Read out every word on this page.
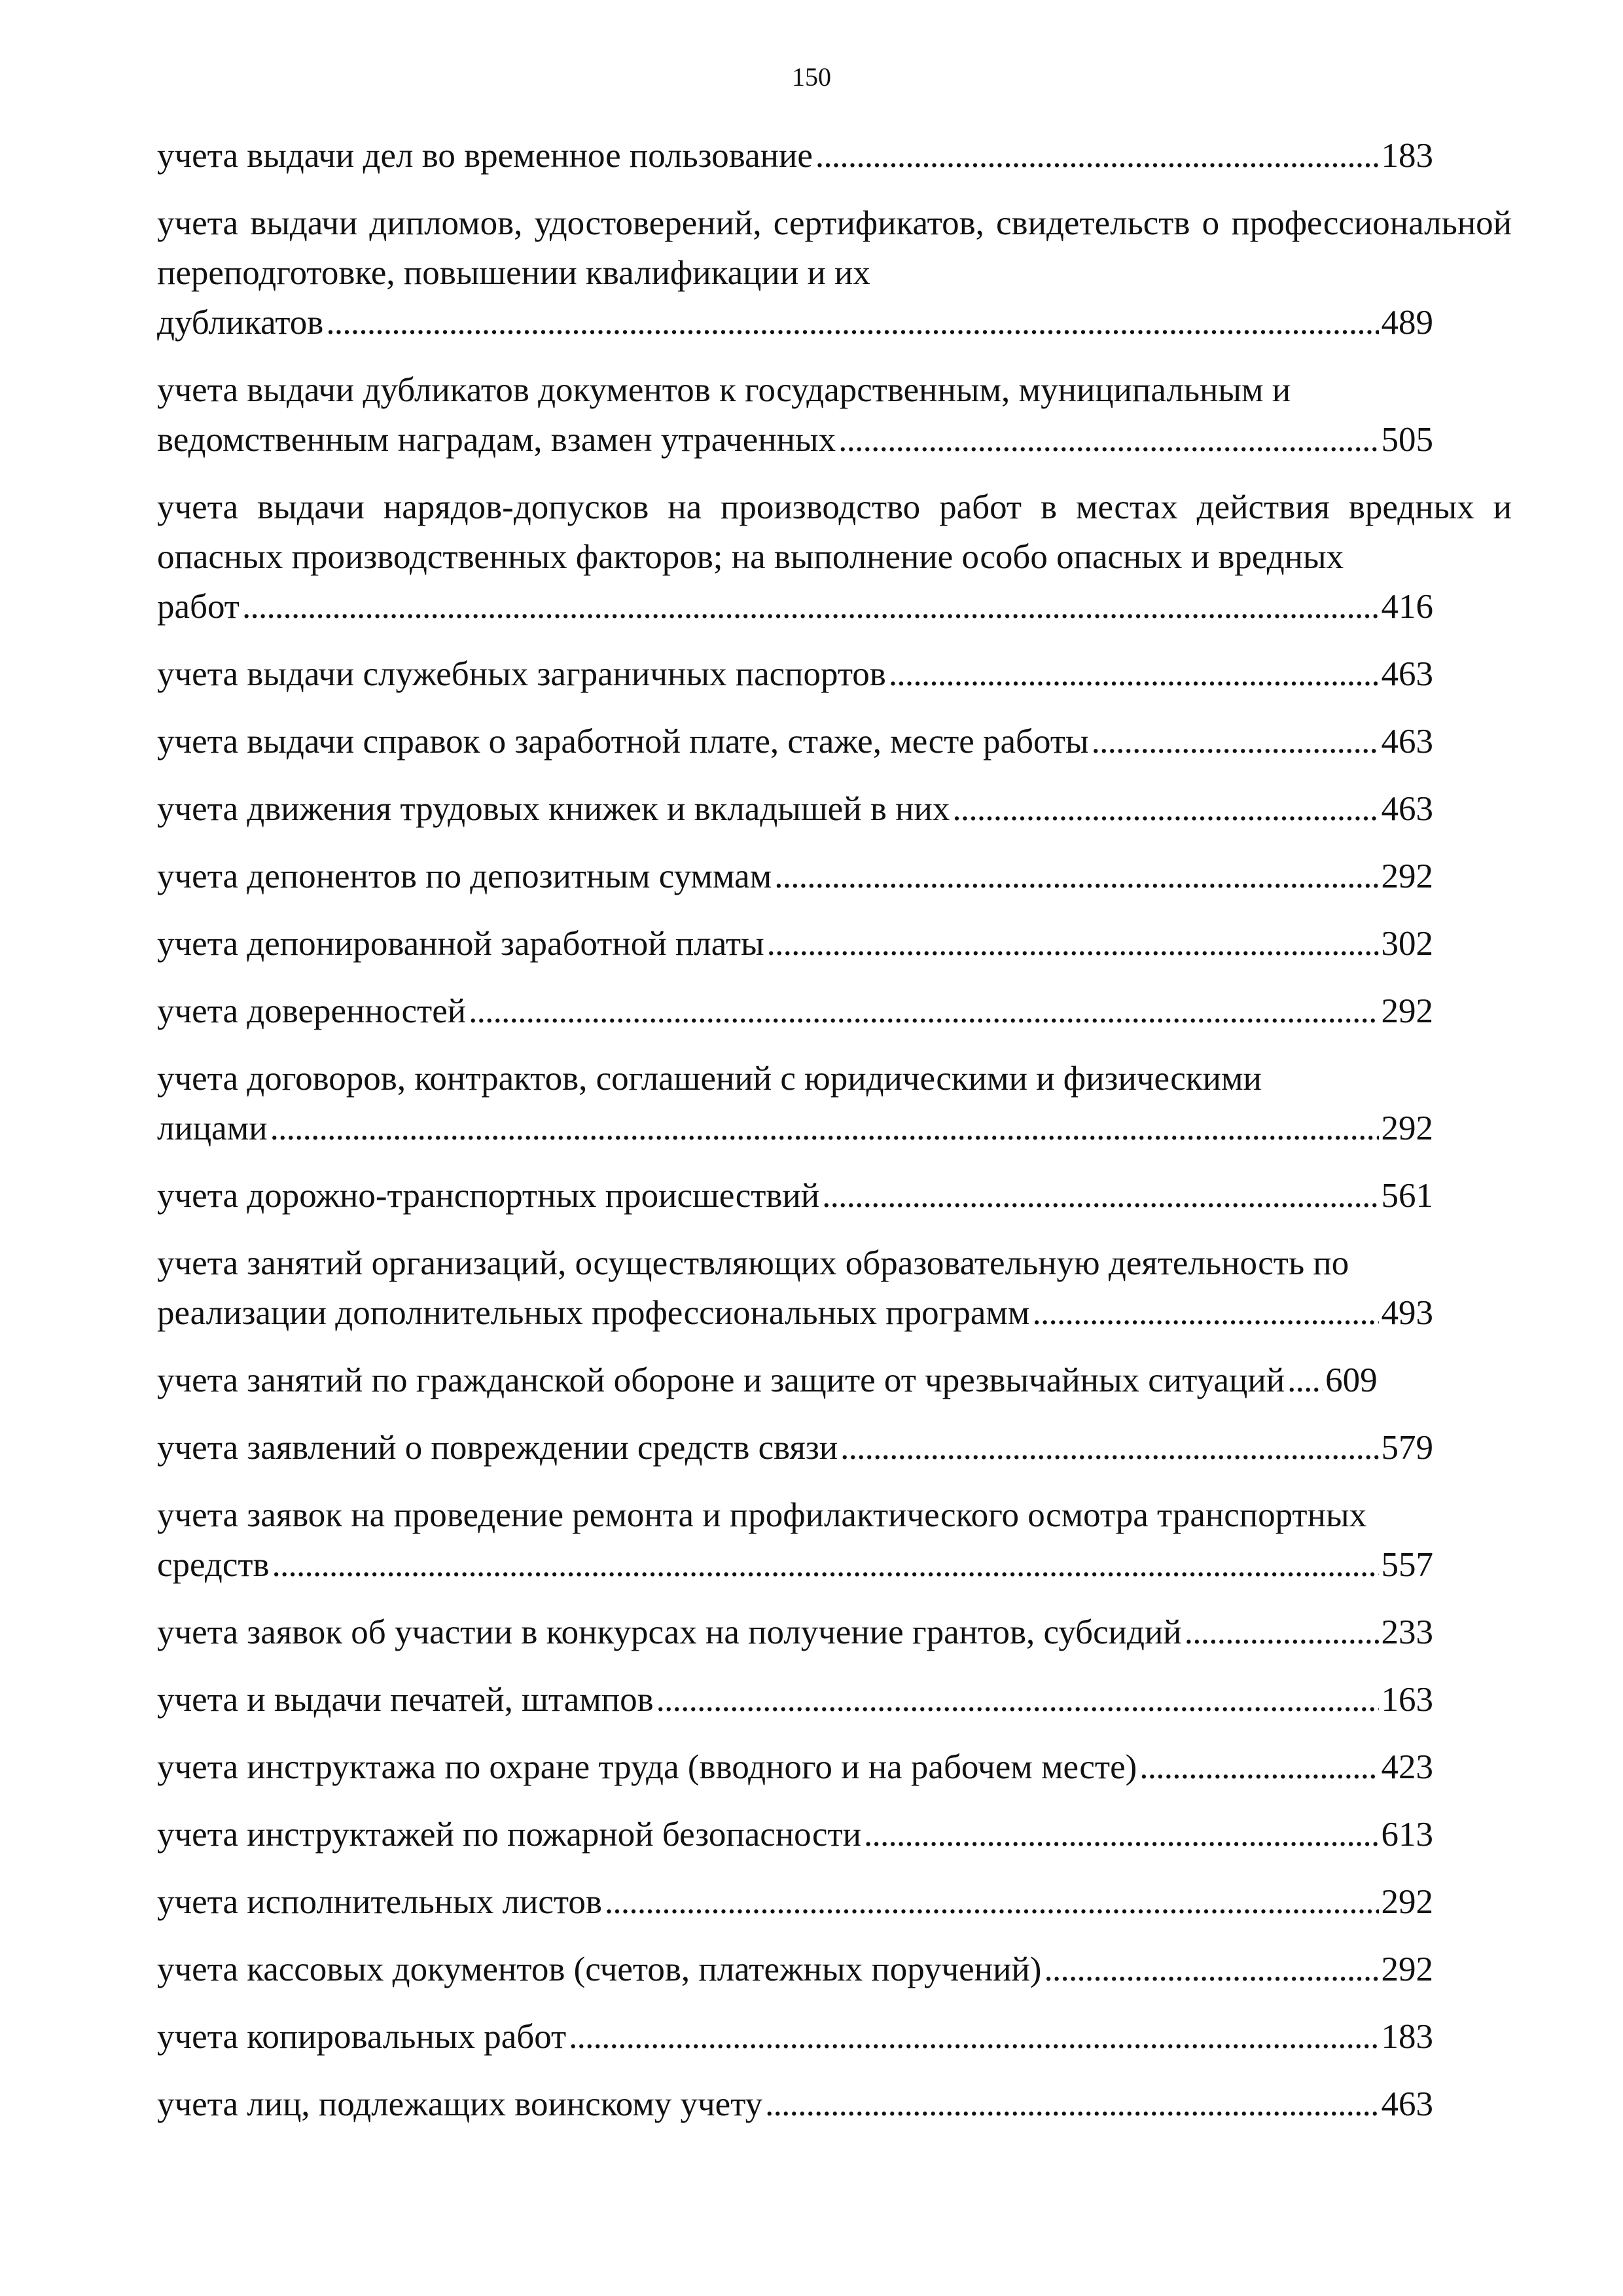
150
учета выдачи дел во временное пользование . . .	183
учета выдачи дипломов, удостоверений, сертификатов, свидетельств о профессиональной переподготовке, повышении квалификации и их
дубликатов . . .	489
учета выдачи дубликатов документов к государственным, муниципальным и
ведомственным наградам, взамен утраченных . . .	505
учета выдачи нарядов-допусков на производство работ в местах действия вредных и опасных производственных факторов; на выполнение особо опасных и вредных
работ . . .	416
учета выдачи служебных заграничных паспортов . . .	463
учета выдачи справок о заработной плате, стаже, месте работы . . .	463
учета движения трудовых книжек и вкладышей в них . . .	463
учета депонентов по депозитным суммам . . .	292
учета депонированной заработной платы . . .	302
учета доверенностей . . .	292
учета договоров, контрактов, соглашений с юридическими и физическими
лицами . . .	292
учета дорожно-транспортных происшествий . . .	561
учета занятий организаций, осуществляющих образовательную деятельность по
реализации дополнительных профессиональных программ . . .	493
учета занятий по гражданской обороне и защите от чрезвычайных ситуаций . . . 609
учета заявлений о повреждении средств связи . . .	579
учета заявок на проведение ремонта и профилактического осмотра транспортных
средств . . .	557
учета заявок об участии в конкурсах на получение грантов, субсидий . . .	233
учета и выдачи печатей, штампов . . .	163
учета инструктажа по охране труда (вводного и на рабочем месте) . . .	423
учета инструктажей по пожарной безопасности . . .	613
учета исполнительных листов . . .	292
учета кассовых документов (счетов, платежных поручений) . . .	292
учета копировальных работ . . .	183
учета лиц, подлежащих воинскому учету . . .	463
